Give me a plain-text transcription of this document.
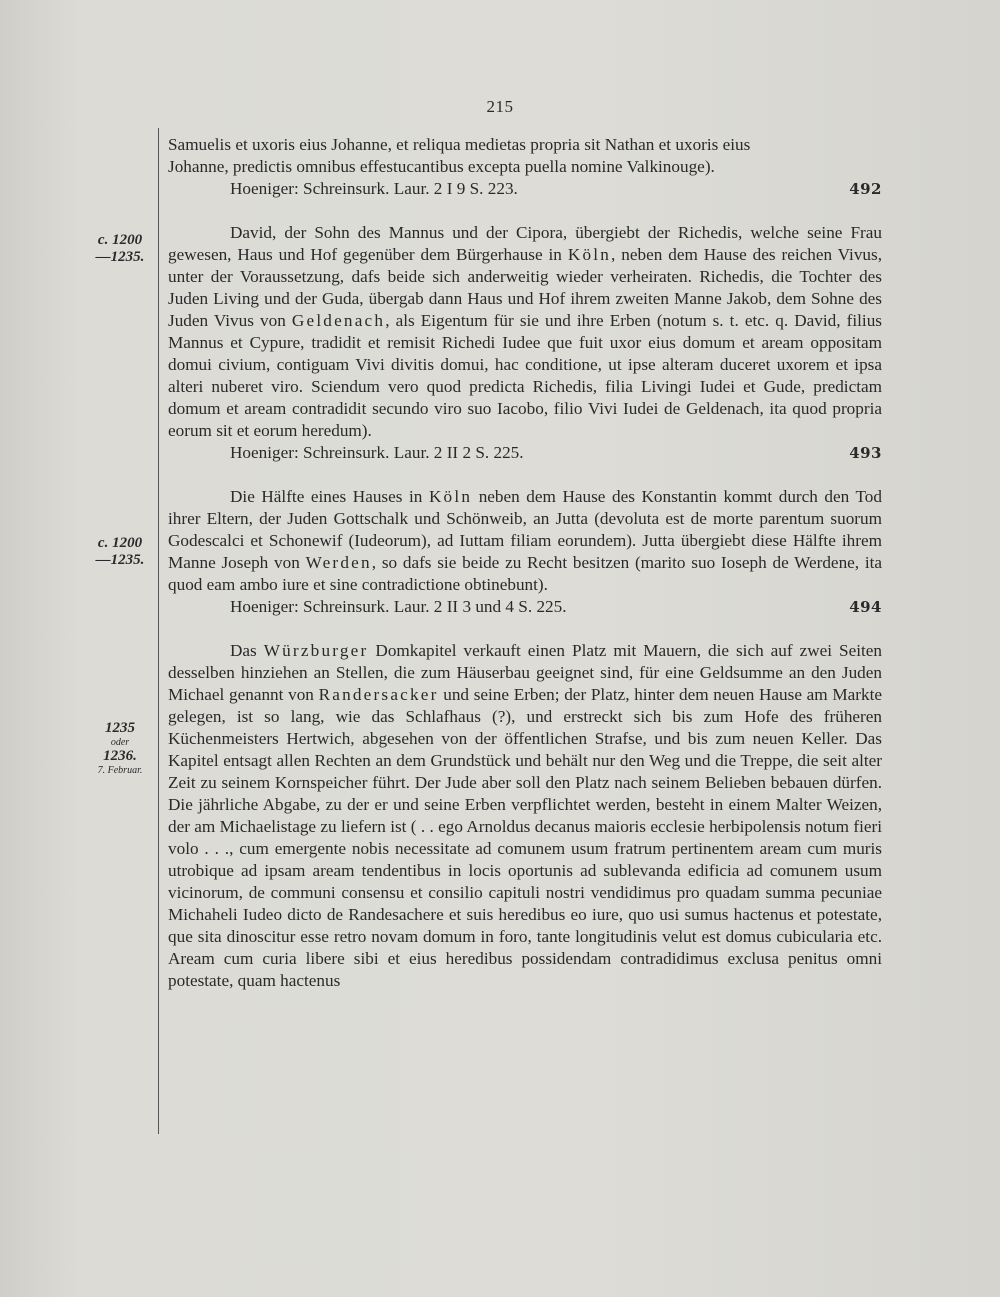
215
c. 1200
—1235.
c. 1200
—1235.
1235
oder
1236.
7. Februar.

Samuelis et uxoris eius Johanne, et reliqua medietas propria sit Nathan et uxoris eius

Johanne, predictis omnibus effestucantibus excepta puella nomine Valkinouge).

Hoeniger: Schreinsurk. Laur. 2 I 9 S. 223.	492

David, der Sohn des Mannus und der Cipora, übergiebt der Richedis, welche seine Frau gewesen, Haus und Hof gegenüber dem Bürgerhause in Köln, neben dem Hause des reichen Vivus, unter der Voraussetzung, dafs beide sich anderweitig wieder verheiraten. Richedis, die Tochter des Juden Living und der Guda, übergab dann Haus und Hof ihrem zweiten Manne Jakob, dem Sohne des Juden Vivus von Geldenach, als Eigentum für sie und ihre Erben (notum s. t. etc. q. David, filius Mannus et Cypure, tradidit et remisit Richedi Iudee que fuit uxor eius domum et aream oppositam domui civium, contiguam Vivi divitis domui, hac conditione, ut ipse alteram duceret uxorem et ipsa alteri nuberet viro. Sciendum vero quod predicta Richedis, filia Livingi Iudei et Gude, predictam domum et aream contradidit secundo viro suo Iacobo, filio Vivi Iudei de Geldenach, ita quod propria eorum sit et eorum heredum).

Hoeniger: Schreinsurk. Laur. 2 II 2 S. 225.	493

Die Hälfte eines Hauses in Köln neben dem Hause des Konstantin kommt durch den Tod ihrer Eltern, der Juden Gottschalk und Schönweib, an Jutta (devoluta est de morte parentum suorum Godescalci et Schonewif (Iudeorum), ad Iuttam filiam eorundem). Jutta übergiebt diese Hälfte ihrem Manne Joseph von Werden, so dafs sie beide zu Recht besitzen (marito suo Ioseph de Werdene, ita quod eam ambo iure et sine contradictione obtinebunt).

Hoeniger: Schreinsurk. Laur. 2 II 3 und 4 S. 225.	494

Das Würzburger Domkapitel verkauft einen Platz mit Mauern, die sich auf zwei Seiten desselben hinziehen an Stellen, die zum Häuserbau geeignet sind, für eine Geldsumme an den Juden Michael genannt von Randersacker und seine Erben; der Platz, hinter dem neuen Hause am Markte gelegen, ist so lang, wie das Schlafhaus (?), und erstreckt sich bis zum Hofe des früheren Küchenmeisters Hertwich, abgesehen von der öffentlichen Strafse, und bis zum neuen Keller. Das Kapitel entsagt allen Rechten an dem Grundstück und behält nur den Weg und die Treppe, die seit alter Zeit zu seinem Kornspeicher führt. Der Jude aber soll den Platz nach seinem Belieben bebauen dürfen. Die jährliche Abgabe, zu der er und seine Erben verpflichtet werden, besteht in einem Malter Weizen, der am Michaelistage zu liefern ist ( . . ego Arnoldus decanus maioris ecclesie herbipolensis notum fieri volo . . ., cum emergente nobis necessitate ad comunem usum fratrum pertinentem aream cum muris utrobique ad ipsam aream tendentibus in locis oportunis ad sublevanda edificia ad comunem usum vicinorum, de communi consensu et consilio capituli nostri vendidimus pro quadam summa pecuniae Michaheli Iudeo dicto de Randesachere et suis heredibus eo iure, quo usi sumus hactenus et potestate, que sita dinoscitur esse retro novam domum in foro, tante longitudinis velut est domus cubicularia etc. Aream cum curia libere sibi et eius heredibus possidendam contradidimus exclusa penitus omni potestate, quam hactenus
